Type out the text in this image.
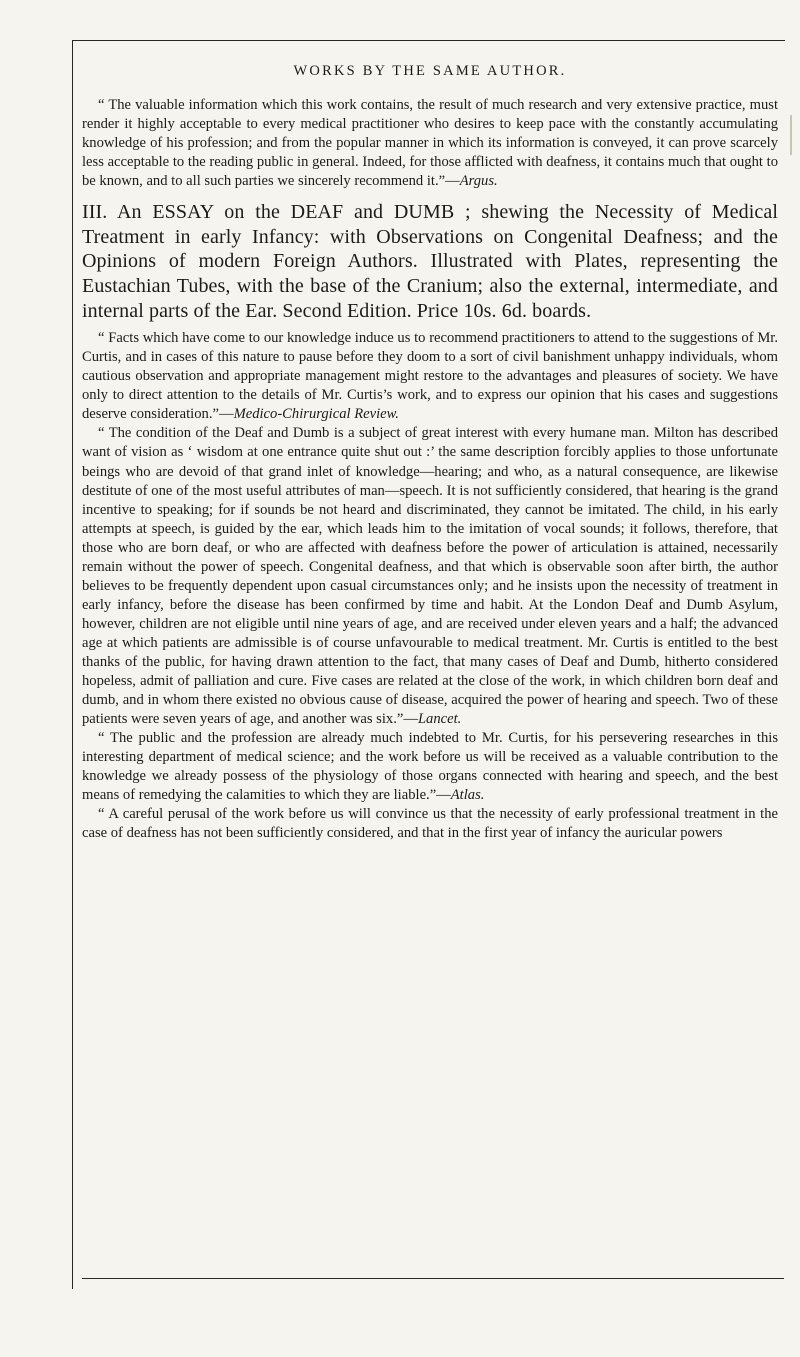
WORKS BY THE SAME AUTHOR.

“ The valuable information which this work contains, the result of much research and very extensive practice, must render it highly acceptable to every medical practitioner who desires to keep pace with the constantly accumulating knowledge of his profession; and from the popular manner in which its information is conveyed, it can prove scarcely less acceptable to the reading public in general. Indeed, for those afflicted with deafness, it contains much that ought to be known, and to all such parties we sincerely recommend it.”—Argus.

III. An ESSAY on the DEAF and DUMB ; shewing the Necessity of Medical Treatment in early Infancy: with Observations on Congenital Deafness; and the Opinions of modern Foreign Authors. Illustrated with Plates, representing the Eustachian Tubes, with the base of the Cranium; also the external, intermediate, and internal parts of the Ear. Second Edition. Price 10s. 6d. boards.

“ Facts which have come to our knowledge induce us to recommend practitioners to attend to the suggestions of Mr. Curtis, and in cases of this nature to pause before they doom to a sort of civil banishment unhappy individuals, whom cautious observation and appropriate management might restore to the advantages and pleasures of society. We have only to direct attention to the details of Mr. Curtis’s work, and to express our opinion that his cases and suggestions deserve consideration.”—Medico-Chirurgical Review.

“ The condition of the Deaf and Dumb is a subject of great interest with every humane man. Milton has described want of vision as ‘ wisdom at one entrance quite shut out :’ the same description forcibly applies to those unfortunate beings who are devoid of that grand inlet of knowledge—hearing; and who, as a natural consequence, are likewise destitute of one of the most useful attributes of man—speech. It is not sufficiently considered, that hearing is the grand incentive to speaking; for if sounds be not heard and discriminated, they cannot be imitated. The child, in his early attempts at speech, is guided by the ear, which leads him to the imitation of vocal sounds; it follows, therefore, that those who are born deaf, or who are affected with deafness before the power of articulation is attained, necessarily remain without the power of speech. Congenital deafness, and that which is observable soon after birth, the author believes to be frequently dependent upon casual circumstances only; and he insists upon the necessity of treatment in early infancy, before the disease has been confirmed by time and habit. At the London Deaf and Dumb Asylum, however, children are not eligible until nine years of age, and are received under eleven years and a half; the advanced age at which patients are admissible is of course unfavourable to medical treatment. Mr. Curtis is entitled to the best thanks of the public, for having drawn attention to the fact, that many cases of Deaf and Dumb, hitherto considered hopeless, admit of palliation and cure. Five cases are related at the close of the work, in which children born deaf and dumb, and in whom there existed no obvious cause of disease, acquired the power of hearing and speech. Two of these patients were seven years of age, and another was six.”—Lancet.

“ The public and the profession are already much indebted to Mr. Curtis, for his persevering researches in this interesting department of medical science; and the work before us will be received as a valuable contribution to the knowledge we already possess of the physiology of those organs connected with hearing and speech, and the best means of remedying the calamities to which they are liable.”—Atlas.

“ A careful perusal of the work before us will convince us that the necessity of early professional treatment in the case of deafness has not been sufficiently considered, and that in the first year of infancy the auricular powers
